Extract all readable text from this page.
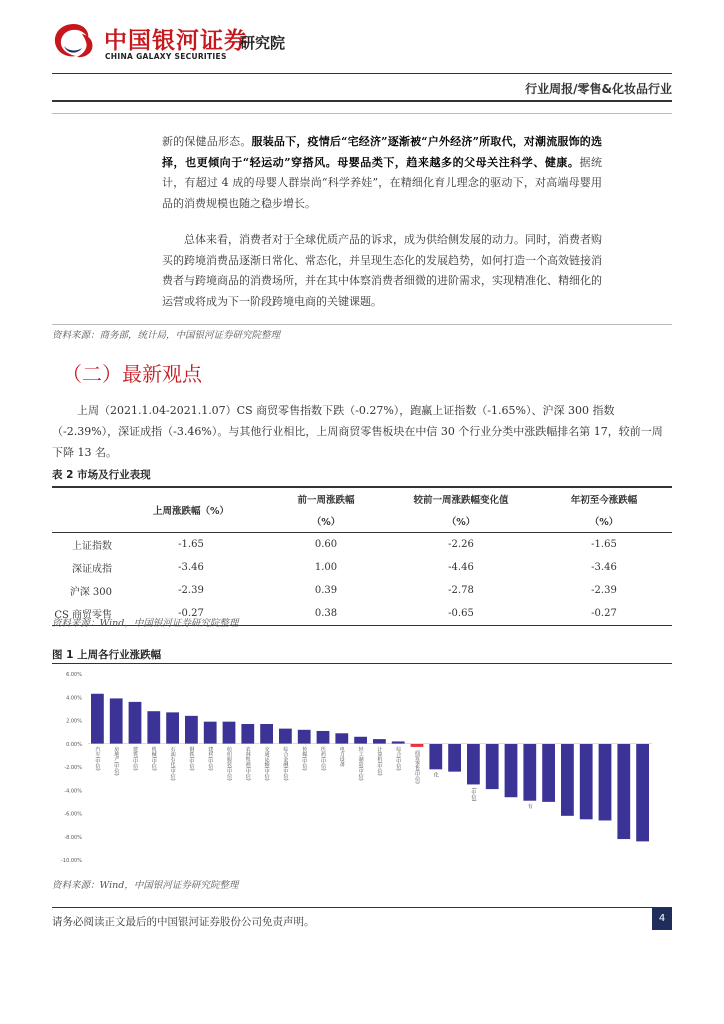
中国银河证券
CHINA GALAXY SECURITIES
研究院
行业周报/零售&化妆品行业

新的保健品形态。服装品下，疫情后“宅经济”逐渐被“户外经济”所取代，对潮流服饰的选择，也更倾向于“轻运动”穿搭风。母婴品类下，趋来越多的父母关注科学、健康。据统计，有超过 4 成的母婴人群崇尚“科学养娃”，在精细化育儿理念的驱动下，对高端母婴用品的消费规模也随之稳步增长。

总体来看，消费者对于全球优质产品的诉求，成为供给侧发展的动力。同时，消费者购买的跨境消费品逐渐日常化、常态化，并呈现生态化的发展趋势，如何打造一个高效链接消费者与跨境商品的消费场所，并在其中体察消费者细微的进阶需求，实现精准化、精细化的运营或将成为下一阶段跨境电商的关键课题。

资料来源：商务部，统计局，中国银河证券研究院整理
（二）最新观点

上周（2021.1.04-2021.1.07）CS 商贸零售指数下跌（-0.27%），跑赢上证指数（-1.65%）、沪深 300 指数（-2.39%），深证成指（-3.46%）。与其他行业相比，上周商贸零售板块在中信 30 个行业分类中涨跌幅排名第 17，较前一周下降 13 名。

表 2 市场及行业表现
	上周涨跌幅（%）	前一周涨跌幅	较前一周涨跌幅变化值	年初至今涨跌幅
		（%）	（%）	（%）
上证指数	-1.65	0.60	-2.26	-1.65
深证成指	-3.46	1.00	-4.46	-3.46
沪深 300	-2.39	0.39	-2.78	-2.39
CS 商贸零售	-0.27	0.38	-0.65	-0.27
资料来源：Wind，中国银河证券研究院整理
图 1 上周各行业涨跌幅
6.00%
4.00%
2.00%
0.00%
-2.00%
-4.00%
-6.00%
-8.00%
-10.00%
汽车(中信)	房地产(中信)	建筑(中信)	机械(中信)	石油石化(中信)	钢铁(中信)	建材(中信)	纺织服装(中信)	农林牧渔(中信)	交通运输(中信)	综合金融(中信)	传媒(中信)	医药(中信)	电力设备	轻工制造(中信)	计算机(中信)	综合(中信)	商贸零售(中信)	化
(中信)
有
资料来源：Wind，中国银河证券研究院整理
请务必阅读正文最后的中国银河证券股份公司免责声明。	4
